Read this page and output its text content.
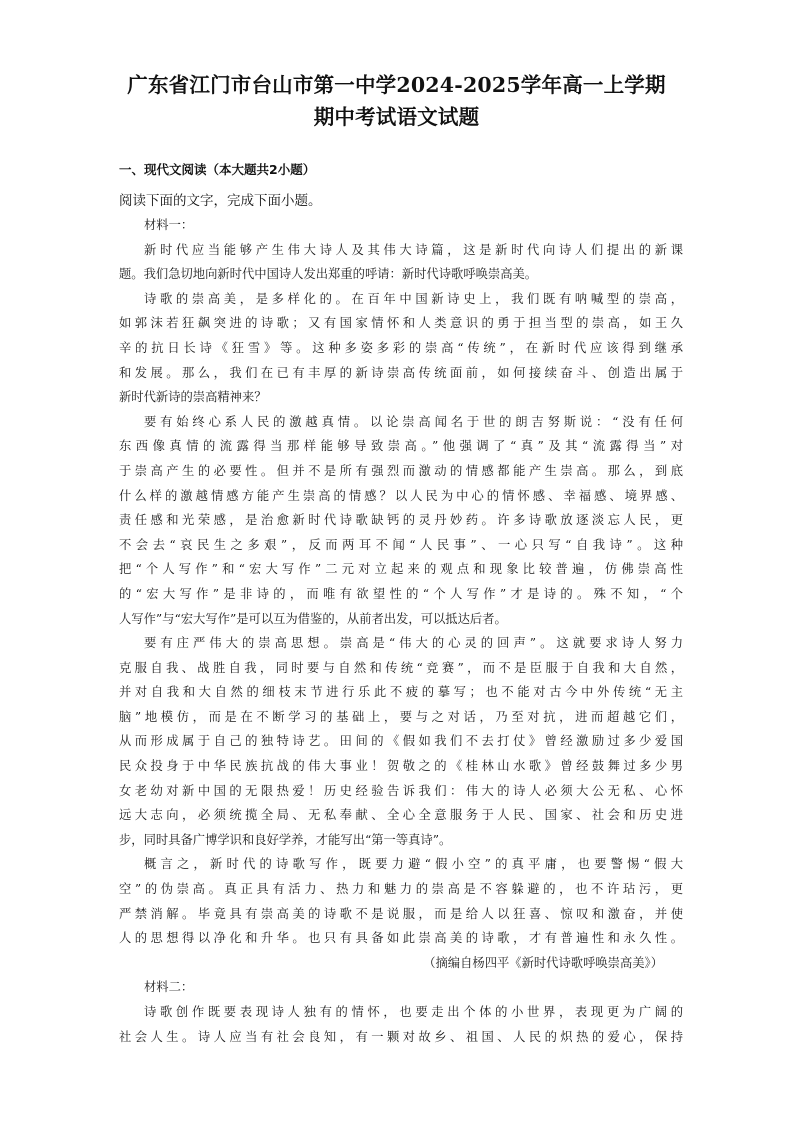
广东省江门市台山市第一中学2024-2025学年高一上学期
期中考试语文试题
一、现代文阅读（本大题共2小题）
阅读下面的文字，完成下面小题。
材料一：
新时代应当能够产生伟大诗人及其伟大诗篇，这是新时代向诗人们提出的新课
题。我们急切地向新时代中国诗人发出郑重的呼请：新时代诗歌呼唤崇高美。
诗歌的崇高美，是多样化的。在百年中国新诗史上，我们既有呐喊型的崇高，
如郭沫若狂飙突进的诗歌；又有国家情怀和人类意识的勇于担当型的崇高，如王久
辛的抗日长诗《狂雪》等。这种多姿多彩的崇高“传统”，在新时代应该得到继承
和发展。那么，我们在已有丰厚的新诗崇高传统面前，如何接续奋斗、创造出属于
新时代新诗的崇高精神来？
要有始终心系人民的激越真情。以论崇高闻名于世的朗吉努斯说：“没有任何
东西像真情的流露得当那样能够导致崇高。”他强调了“真”及其“流露得当”对
于崇高产生的必要性。但并不是所有强烈而激动的情感都能产生崇高。那么，到底
什么样的激越情感方能产生崇高的情感？以人民为中心的情怀感、幸福感、境界感、
责任感和光荣感，是治愈新时代诗歌缺钙的灵丹妙药。许多诗歌放逐淡忘人民，更
不会去“哀民生之多艰”，反而两耳不闻“人民事”、一心只写“自我诗”。这种
把“个人写作”和“宏大写作”二元对立起来的观点和现象比较普遍，仿佛崇高性
的“宏大写作”是非诗的，而唯有欲望性的“个人写作”才是诗的。殊不知，“个
人写作”与“宏大写作”是可以互为借鉴的，从前者出发，可以抵达后者。
要有庄严伟大的崇高思想。崇高是“伟大的心灵的回声”。这就要求诗人努力
克服自我、战胜自我，同时要与自然和传统“竞赛”，而不是臣服于自我和大自然，
并对自我和大自然的细枝末节进行乐此不疲的摹写；也不能对古今中外传统“无主
脑”地模仿，而是在不断学习的基础上，要与之对话，乃至对抗，进而超越它们，
从而形成属于自己的独特诗艺。田间的《假如我们不去打仗》曾经激励过多少爱国
民众投身于中华民族抗战的伟大事业！贺敬之的《桂林山水歌》曾经鼓舞过多少男
女老幼对新中国的无限热爱！历史经验告诉我们：伟大的诗人必须大公无私、心怀
远大志向，必须统揽全局、无私奉献、全心全意服务于人民、国家、社会和历史进
步，同时具备广博学识和良好学养，才能写出“第一等真诗”。
概言之，新时代的诗歌写作，既要力避“假小空”的真平庸，也要警惕“假大
空”的伪崇高。真正具有活力、热力和魅力的崇高是不容躲避的，也不许玷污，更
严禁消解。毕竟具有崇高美的诗歌不是说服，而是给人以狂喜、惊叹和激奋，并使
人的思想得以净化和升华。也只有具备如此崇高美的诗歌，才有普遍性和永久性。
（摘编自杨四平《新时代诗歌呼唤崇高美》）
材料二：
诗歌创作既要表现诗人独有的情怀，也要走出个体的小世界，表现更为广阔的
社会人生。诗人应当有社会良知，有一颗对故乡、祖国、人民的炽热的爱心，保持
